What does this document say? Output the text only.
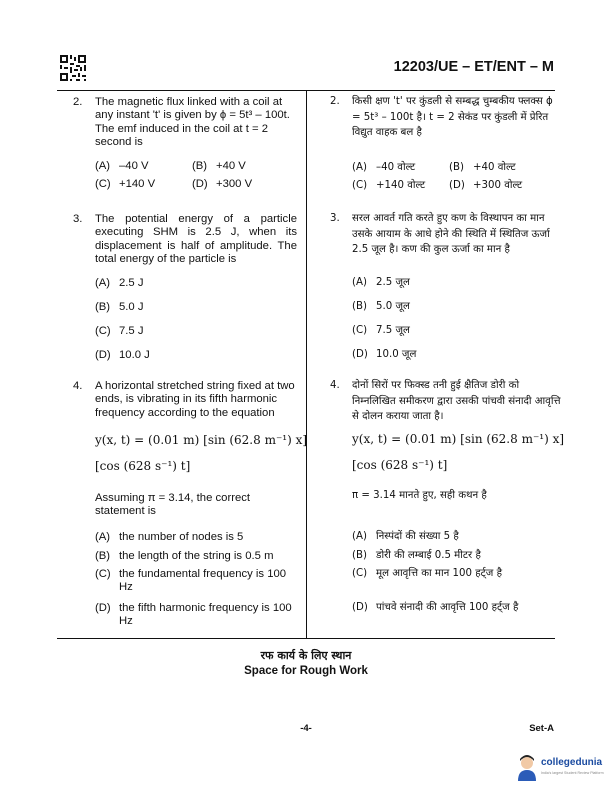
12203/UE – ET/ENT – M
2. The magnetic flux linked with a coil at any instant 't' is given by ϕ = 5t³ – 100t. The emf induced in the coil at t = 2 second is
(A) –40 V	(B) +40 V
(C) +140 V	(D) +300 V
3. The potential energy of a particle executing SHM is 2.5 J, when its displacement is half of amplitude. The total energy of the particle is
(A) 2.5 J
(B) 5.0 J
(C) 7.5 J
(D) 10.0 J
4. A horizontal stretched string fixed at two ends, is vibrating in its fifth harmonic frequency according to the equation
y(x, t) = (0.01 m) [sin (62.8 m⁻¹) x]
[cos (628 s⁻¹) t]
Assuming π = 3.14, the correct statement is
(A) the number of nodes is 5
(B) the length of the string is 0.5 m
(C) the fundamental frequency is 100 Hz
(D) the fifth harmonic frequency is 100 Hz
2. किसी क्षण 't' पर कुंडली से सम्बद्ध चुम्बकीय फ्लक्स ϕ = 5t³ – 100t है। t = 2 सेकंड पर कुंडली में प्रेरित विद्युत वाहक बल है
(A) –40 वोल्ट	(B) +40 वोल्ट
(C) +140 वोल्ट (D) +300 वोल्ट
3. सरल आवर्त गति करते हुए कण के विस्थापन का मान उसके आयाम के आधे होने की स्थिति में स्थितिज ऊर्जा 2.5 जूल है। कण की कुल ऊर्जा का मान है
(A) 2.5 जूल
(B) 5.0 जूल
(C) 7.5 जूल
(D) 10.0 जूल
4. दोनों सिरों पर फिक्स्ड तनी हुई क्षैतिज डोरी को निम्नलिखित समीकरण द्वारा उसकी पांचवी संनादी आवृत्ति से दोलन कराया जाता है।
y(x, t) = (0.01 m) [sin (62.8 m⁻¹) x]
[cos (628 s⁻¹) t]
π = 3.14 मानते हुए, सही कथन है
(A) निस्पंदों की संख्या 5 है
(B) डोरी की लम्बाई 0.5 मीटर है
(C) मूल आवृत्ति का मान 100 हर्ट्ज है
(D) पांचवे संनादी की आवृत्ति 100 हर्ट्ज है
रफ कार्य के लिए स्थान
Space for Rough Work
-4-	Set-A
collegedunia
India's largest Student Review Platform
